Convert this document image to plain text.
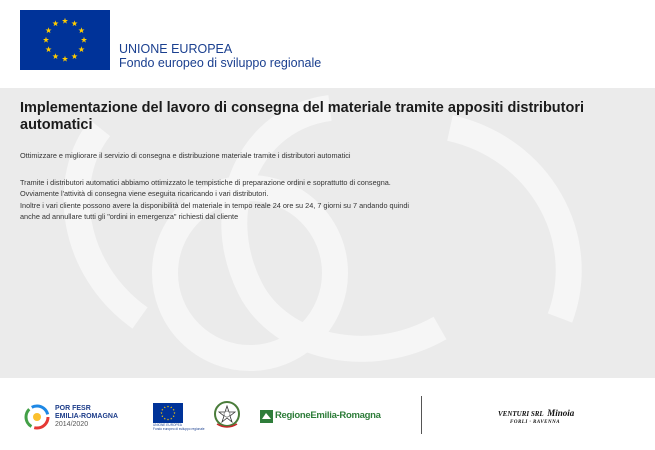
UNIONE EUROPEA
Fondo europeo di sviluppo regionale
Implementazione del lavoro di consegna del materiale tramite appositi distributori automatici
Ottimizzare e migliorare il servizio di consegna e distribuzione materiale tramite i distributori automatici
Tramite i distributori automatici abbiamo ottimizzato le tempistiche di preparazione ordini e soprattutto di consegna.
Ovviamente l'attività di consegna viene eseguita ricaricando i vari distributori.
Inoltre i vari cliente possono avere la disponibilità del materiale in tempo reale 24 ore su 24, 7 giorni su 7 andando quindi
anche ad annullare tutti gli "ordini in emergenza" richiesti dal cliente
POR FESR
EMILIA-ROMAGNA
2014/2020	UNIONE EUROPEA
Fondo europeo di sviluppo regionale
RegioneEmilia-Romagna	VENTURI SRL Minoia
FORLI · RAVENNA
